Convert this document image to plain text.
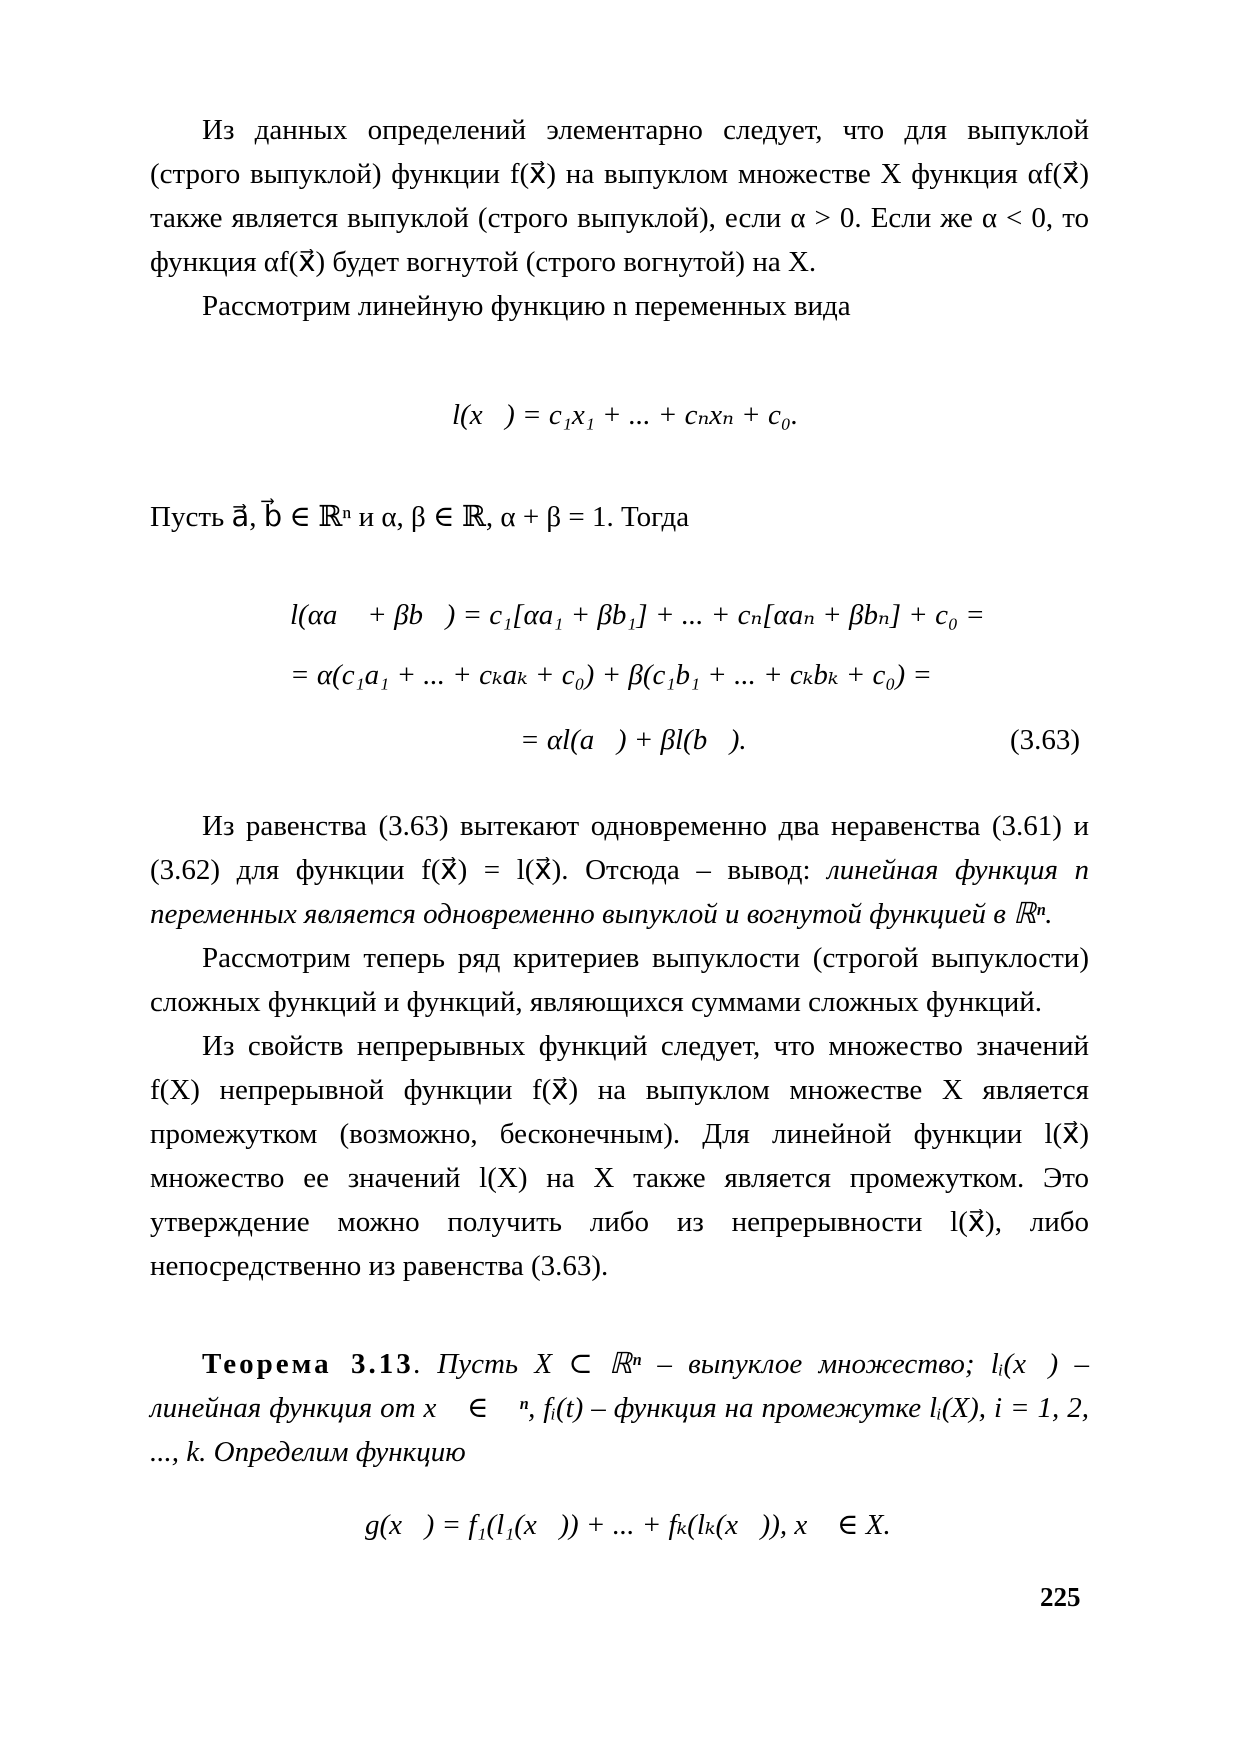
Из данных определений элементарно следует, что для выпуклой (строго выпуклой) функции f(x⃗) на выпуклом множестве X функция αf(x⃗) также является выпуклой (строго выпуклой), если α > 0. Если же α < 0, то функция αf(x⃗) будет вогнутой (строго вогнутой) на X.

Рассмотрим линейную функцию n переменных вида

l(x⃗) = c₁x₁ + ... + cₙxₙ + c₀.

Пусть a⃗, b⃗ ∈ ℝⁿ и α, β ∈ ℝ, α + β = 1. Тогда

l(αa⃗ + βb⃗) = c₁[αa₁ + βb₁] + ... + cₙ[αaₙ + βbₙ] + c₀ =
= α(c₁a₁ + ... + cₖaₖ + c₀) + β(c₁b₁ + ... + cₖbₖ + c₀) =
= αl(a⃗) + βl(b⃗).	(3.63)

Из равенства (3.63) вытекают одновременно два неравенства (3.61) и (3.62) для функции f(x⃗) = l(x⃗). Отсюда – вывод: линейная функция n переменных является одновременно выпуклой и вогнутой функцией в ℝⁿ.

Рассмотрим теперь ряд критериев выпуклости (строгой выпуклости) сложных функций и функций, являющихся суммами сложных функций.

Из свойств непрерывных функций следует, что множество значений f(X) непрерывной функции f(x⃗) на выпуклом множестве X является промежутком (возможно, бесконечным). Для линейной функции l(x⃗) множество ее значений l(X) на X также является промежутком. Это утверждение можно получить либо из непрерывности l(x⃗), либо непосредственно из равенства (3.63).

Теорема 3.13. Пусть X ⊂ ℝⁿ – выпуклое множество; lᵢ(x⃗) – линейная функция от x⃗ ∈ ℝⁿ, fᵢ(t) – функция на промежутке lᵢ(X), i = 1, 2, ..., k. Определим функцию

g(x⃗) = f₁(l₁(x⃗)) + ... + fₖ(lₖ(x⃗)), x⃗ ∈ X.
225
